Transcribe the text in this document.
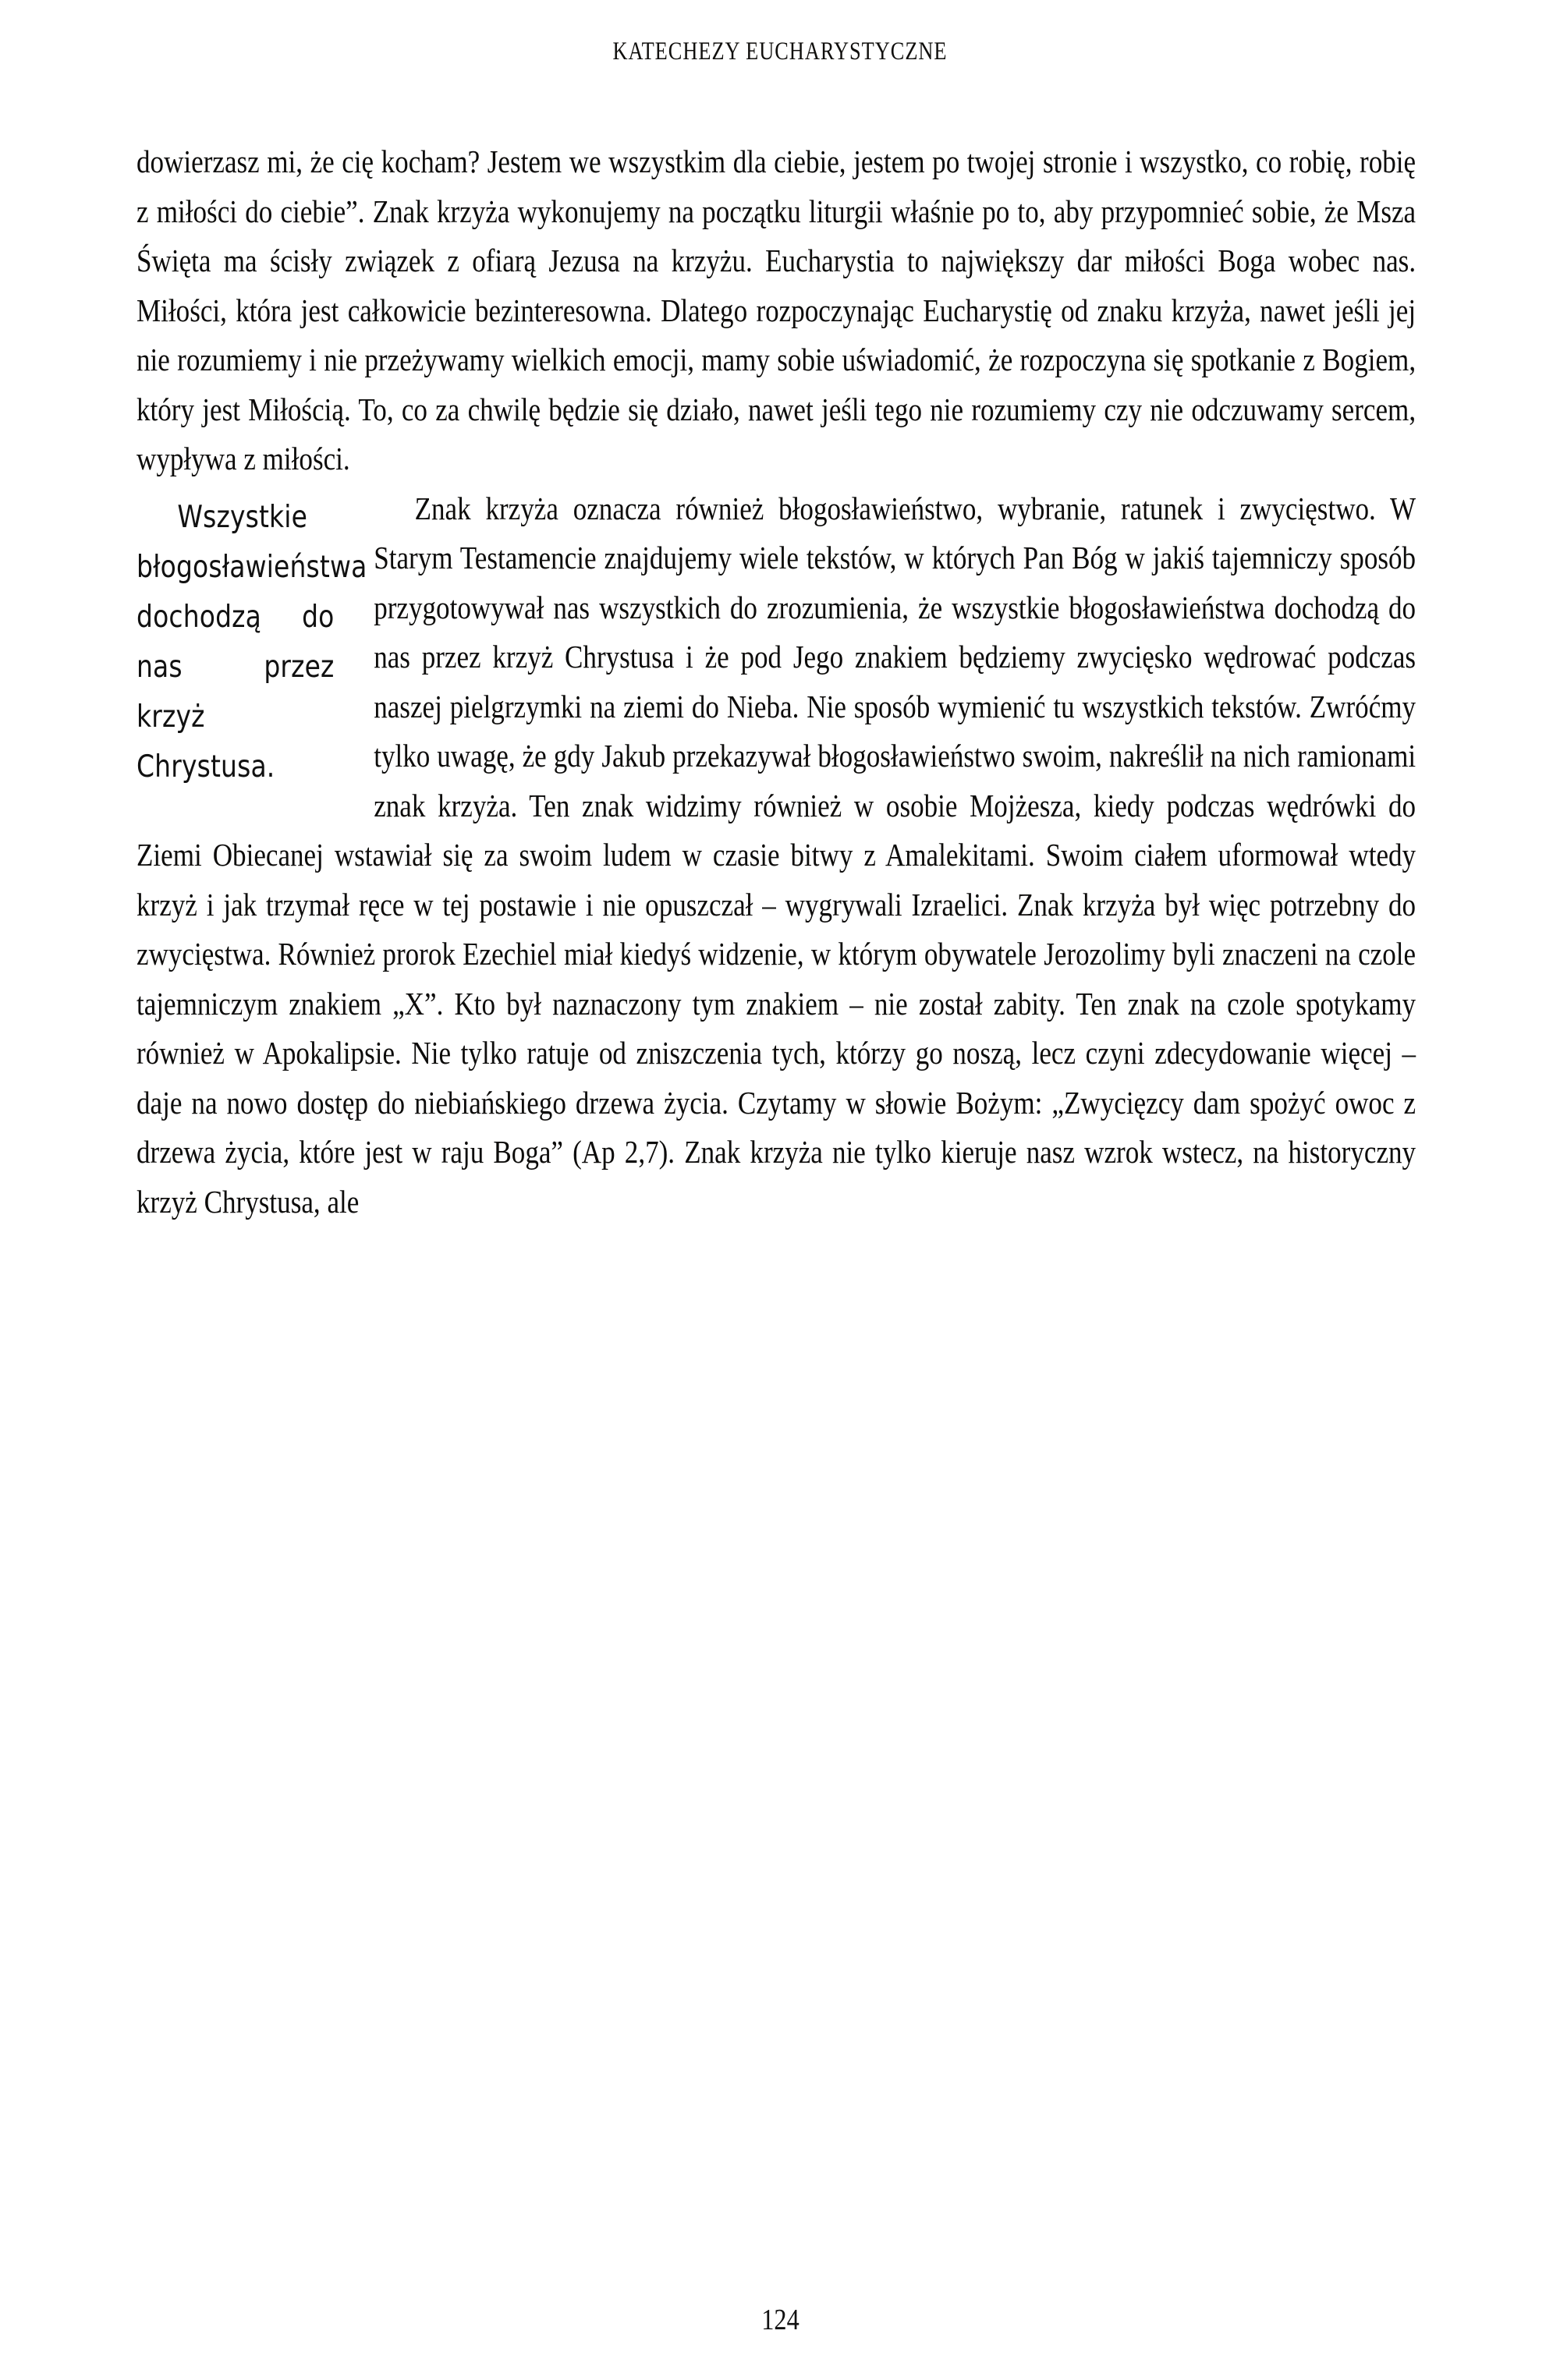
KATECHEZY EUCHARYSTYCZNE

dowierzasz mi, że cię kocham? Jestem we wszystkim dla ciebie, jestem po twojej stronie i wszystko, co robię, robię z miłości do ciebie”. Znak krzyża wykonujemy na początku liturgii właśnie po to, aby przypomnieć sobie, że Msza Święta ma ścisły związek z ofiarą Jezusa na krzyżu. Eucharystia to największy dar miłości Boga wobec nas. Miłości, która jest całkowicie bezinteresowna. Dlatego rozpoczynając Eucharystię od znaku krzyża, nawet jeśli jej nie rozumiemy i nie przeżywamy wielkich emocji, mamy sobie uświadomić, że rozpoczyna się spotkanie z Bogiem, który jest Miłością. To, co za chwilę będzie się działo, nawet jeśli tego nie rozumiemy czy nie odczuwamy sercem, wypływa z miłości.

Wszystkie błogosławieństwa dochodzą do nas przez krzyż Chrystusa.
Znak krzyża oznacza również błogosławieństwo, wybranie, ratunek i zwycięstwo. W Starym Testamencie znajdujemy wiele tekstów, w których Pan Bóg w jakiś tajemniczy sposób przygotowywał nas wszystkich do zrozumienia, że wszystkie błogosławieństwa dochodzą do nas przez krzyż Chrystusa i że pod Jego znakiem będziemy zwycięsko wędrować podczas naszej pielgrzymki na ziemi do Nieba. Nie sposób wymienić tu wszystkich tekstów. Zwróćmy tylko uwagę, że gdy Jakub przekazywał błogosławieństwo swoim, nakreślił na nich ramionami znak krzyża. Ten znak widzimy również w osobie Mojżesza, kiedy podczas wędrówki do Ziemi Obiecanej wstawiał się za swoim ludem w czasie bitwy z Amalekitami. Swoim ciałem uformował wtedy krzyż i jak trzymał ręce w tej postawie i nie opuszczał – wygrywali Izraelici. Znak krzyża był więc potrzebny do zwycięstwa. Również prorok Ezechiel miał kiedyś widzenie, w którym obywatele Jerozolimy byli znaczeni na czole tajemniczym znakiem „X”. Kto był naznaczony tym znakiem – nie został zabity. Ten znak na czole spotykamy również w Apokalipsie. Nie tylko ratuje od zniszczenia tych, którzy go noszą, lecz czyni zdecydowanie więcej – daje na nowo dostęp do niebiańskiego drzewa życia. Czytamy w słowie Bożym: „Zwycięzcy dam spożyć owoc z drzewa życia, które jest w raju Boga” (Ap 2,7). Znak krzyża nie tylko kieruje nasz wzrok wstecz, na historyczny krzyż Chrystusa, ale

124
